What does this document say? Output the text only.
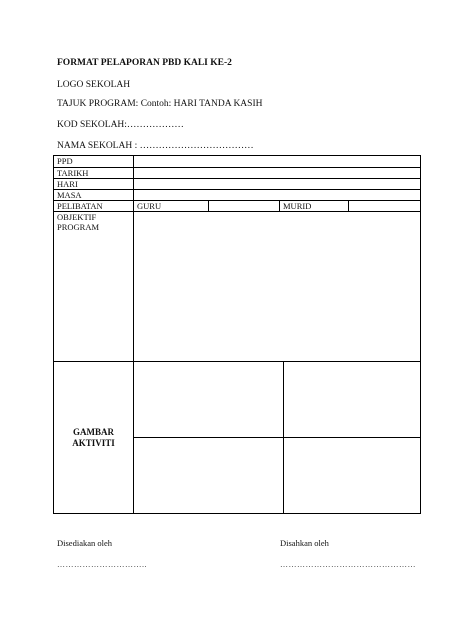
FORMAT PELAPORAN PBD KALI KE-2
LOGO SEKOLAH
TAJUK PROGRAM: Contoh: HARI TANDA KASIH
KOD SEKOLAH:………………
NAMA SEKOLAH : ………………………………
PPD	
TARIKH	
HARI	
MASA	
PELIBATAN		GURU		MURID	

OBJEKTIF
PROGRAM

GAMBAR
AKTIVITI

Disediakan oleh
…………………………..
Disahkan oleh
…………………………………………
